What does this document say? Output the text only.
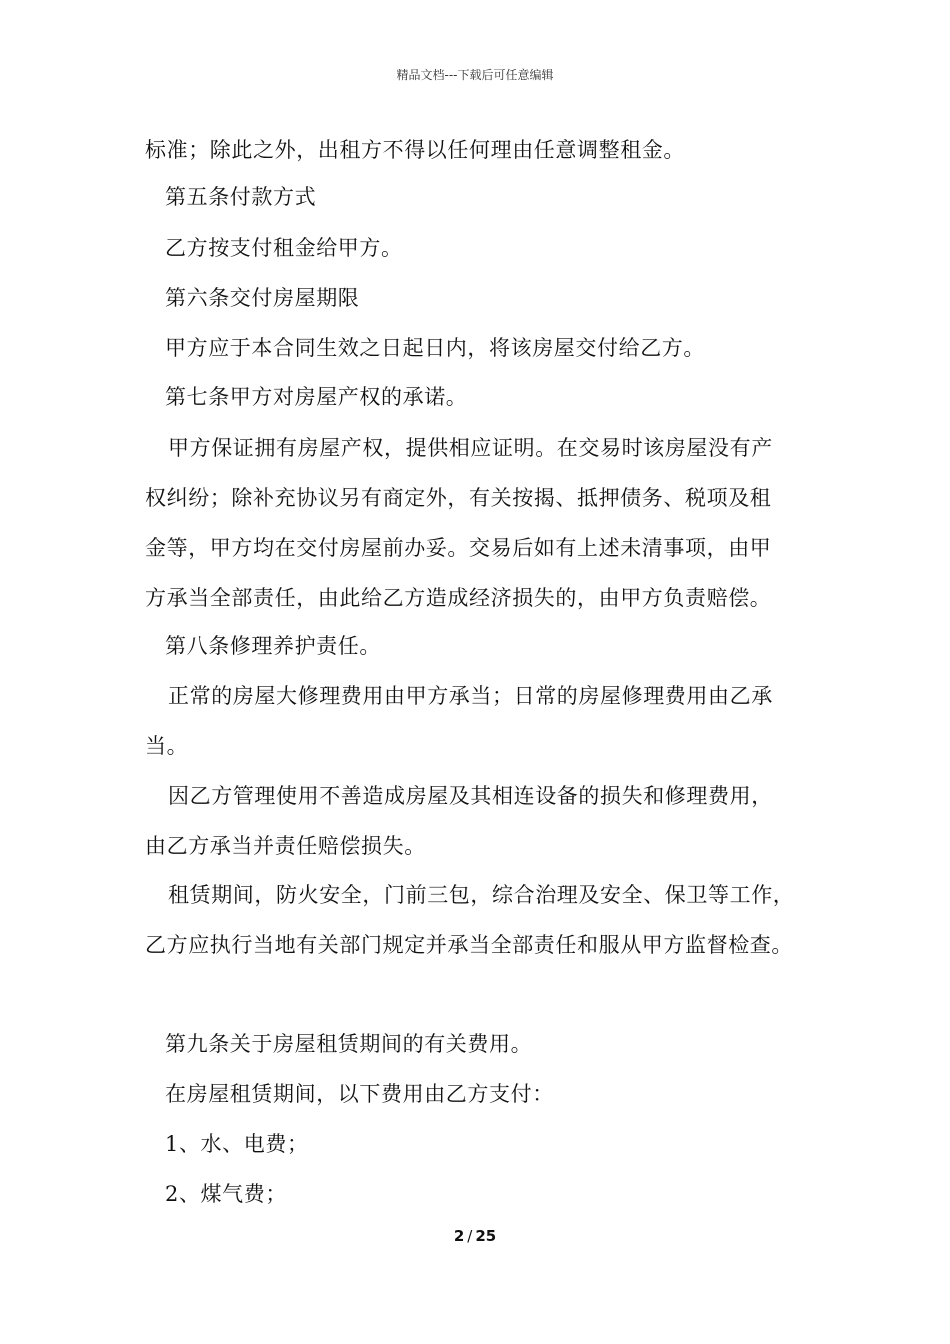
精品文档---下载后可任意编辑
标准；除此之外，出租方不得以任何理由任意调整租金。
第五条付款方式
乙方按支付租金给甲方。
第六条交付房屋期限
甲方应于本合同生效之日起日内，将该房屋交付给乙方。
第七条甲方对房屋产权的承诺。
甲方保证拥有房屋产权，提供相应证明。在交易时该房屋没有产
权纠纷；除补充协议另有商定外，有关按揭、抵押债务、税项及租
金等，甲方均在交付房屋前办妥。交易后如有上述未清事项，由甲
方承当全部责任，由此给乙方造成经济损失的，由甲方负责赔偿。
第八条修理养护责任。
正常的房屋大修理费用由甲方承当；日常的房屋修理费用由乙承
当。
因乙方管理使用不善造成房屋及其相连设备的损失和修理费用，
由乙方承当并责任赔偿损失。
租赁期间，防火安全，门前三包，综合治理及安全、保卫等工作，
乙方应执行当地有关部门规定并承当全部责任和服从甲方监督检查。
第九条关于房屋租赁期间的有关费用。
在房屋租赁期间，以下费用由乙方支付：
1、水、电费；
2、煤气费；
2 / 25
